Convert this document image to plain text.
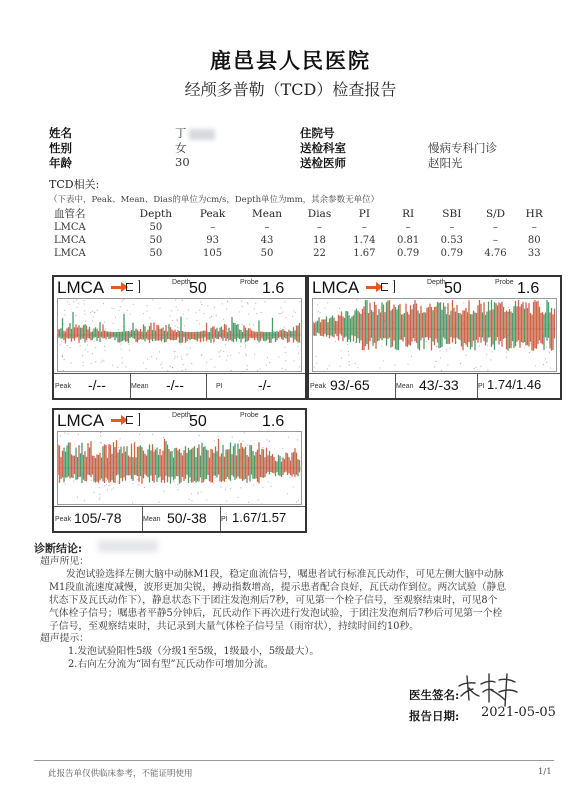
鹿邑县人民医院
经颅多普勒（TCD）检查报告
姓名	丁
性别	女
年龄	30
住院号
送检科室	慢病专科门诊
送检医师	赵阳光
TCD相关:
（下表中，Peak、Mean、Dias的单位为cm/s，Depth单位为mm，其余参数无单位）
血管名	Depth	Peak	Mean	Dias	PI	RI	SBI	S/D	HR
LMCA	50	–	–	–	–	–	–	–	–
LMCA	50	93	43	18	1.74	0.81	0.53	–	80
LMCA	50	105	50	22	1.67	0.79	0.79	4.76	33
LMCA	Depth
50	Probe 1.6
Peak -/--	Mean -/--	PI	-/-
LMCA	Depth
50	Probe 1.6
Peak 93/-65	Mean 43/-33	PI 1.74/1.46
LMCA	Depth
50	Probe 1.6
Peak 105/-78	Mean 50/-38 PI 1.67/1.57
诊断结论:
超声所见：
发泡试验选择左侧大脑中动脉M1段，稳定血流信号，嘱患者试行标准瓦氏动作，可见左侧大脑中动脉
M1段血流速度减慢，波形更加尖锐，搏动指数增高，提示患者配合良好，瓦氏动作到位。两次试验（静息
状态下及瓦氏动作下），静息状态下于团注发泡剂后7秒，可见第一个栓子信号，至观察结束时，可见8个
气体栓子信号；嘱患者平静5分钟后，瓦氏动作下再次进行发泡试验，于团注发泡剂后7秒后可见第一个栓
子信号，至观察结束时，共记录到大量气体栓子信号呈（雨帘状），持续时间约10秒。
超声提示：
1.发泡试验阳性5级（分级1至5级，1级最小，5级最大）。
2.右向左分流为“固有型”瓦氏动作可增加分流。
医生签名:
报告日期: 2021-05-05
此报告单仅供临床参考，不能证明使用	1/1
